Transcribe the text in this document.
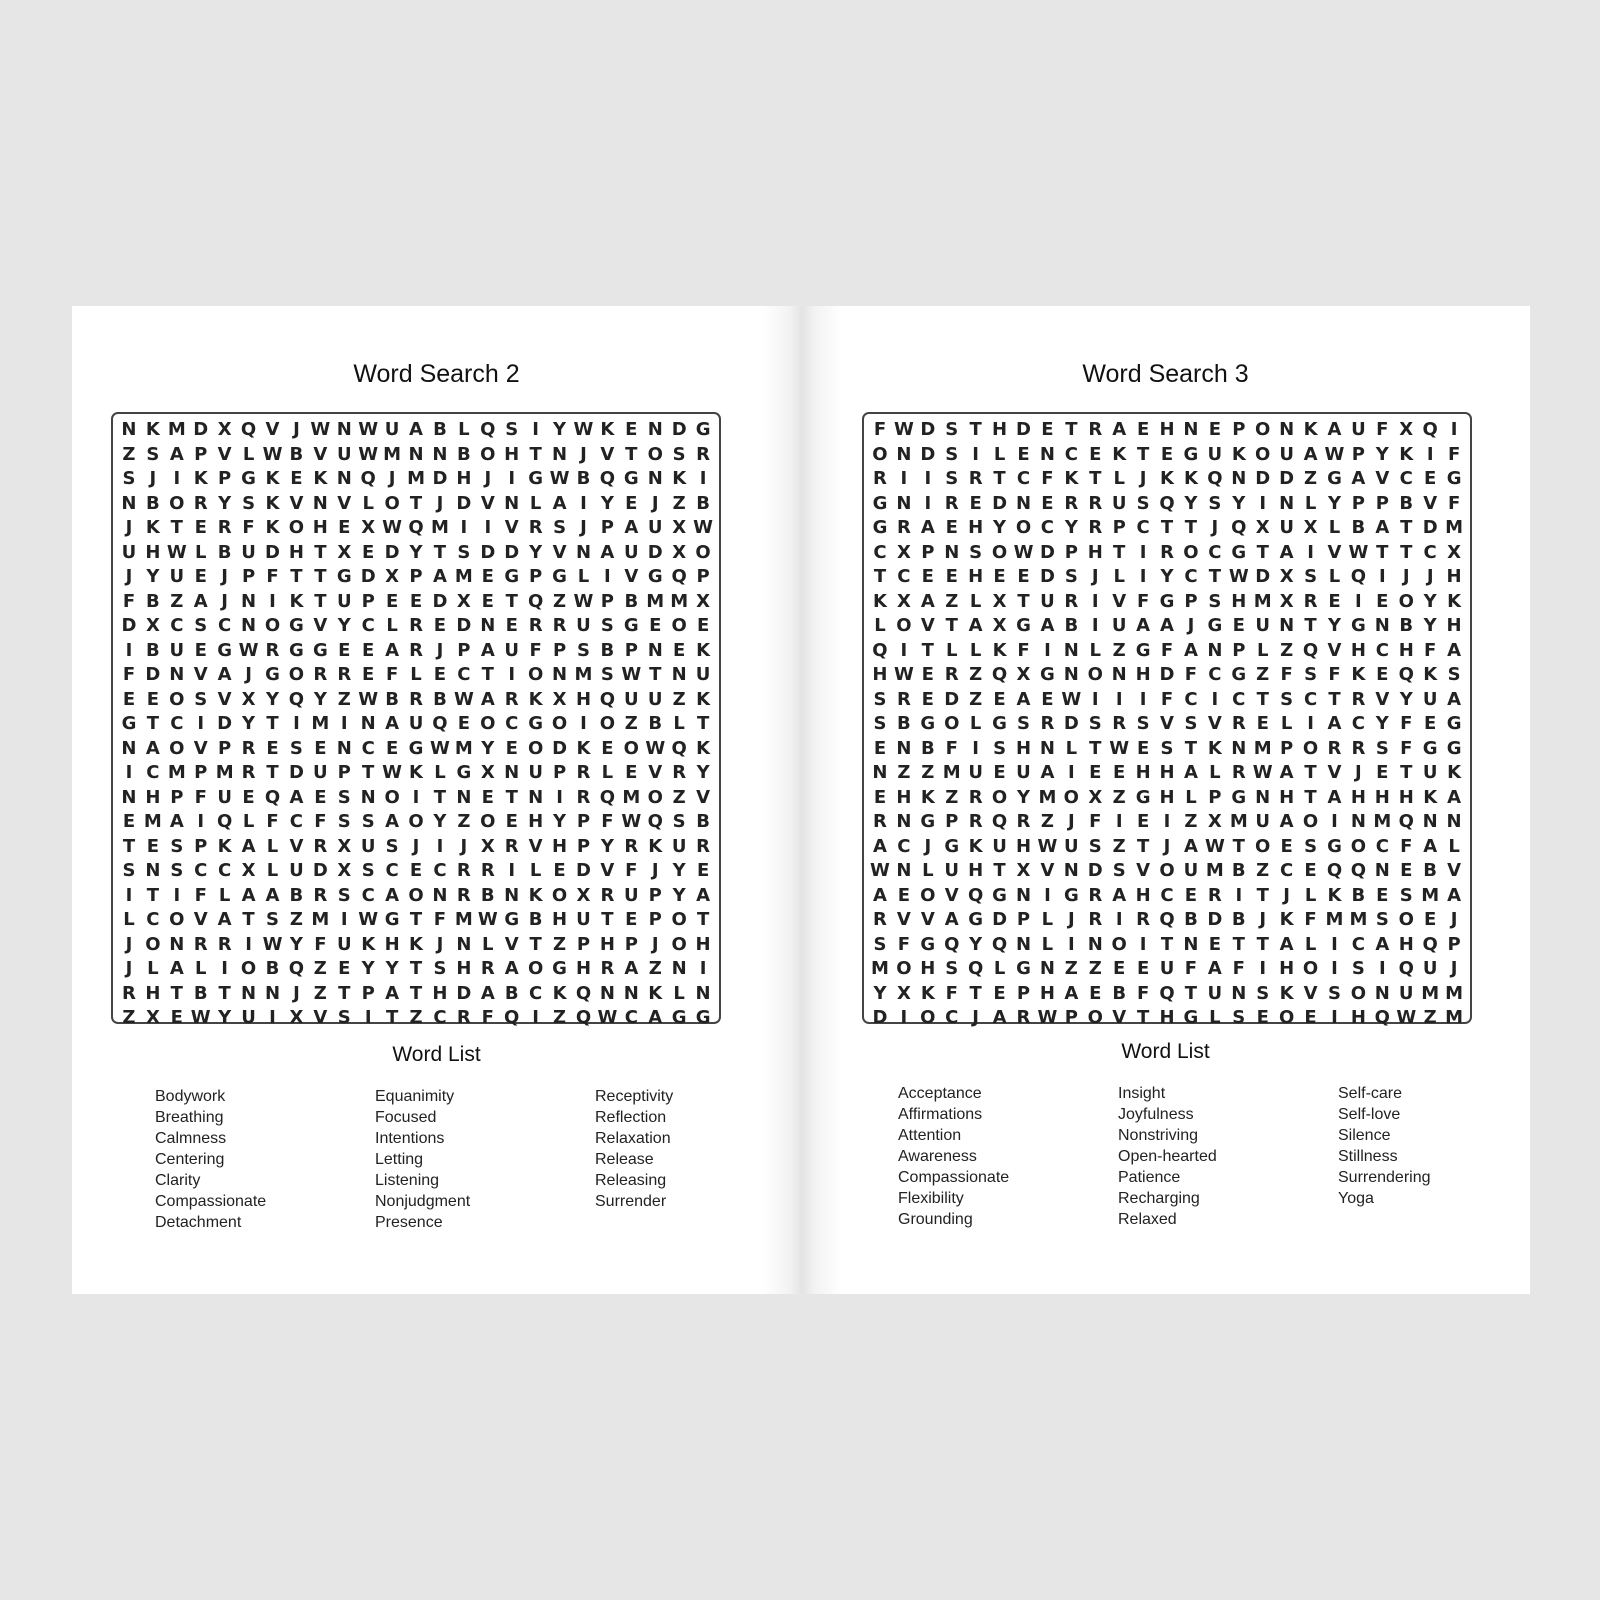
Word Search 2
N K M D X Q V J W N W U A B L Q S I Y W K E N D G
Z S A P V L W B V U W M N N B O H T N J V T O S R
S J I K P G K E K N Q J M D H J I G W B Q G N K I
N B O R Y S K V N V L O T J D V N L A I Y E J Z B
J K T E R F K O H E X W Q M I I V R S J P A U X W
U H W L B U D H T X E D Y T S D D Y V N A U D X O
J Y U E J P F T T G D X P A M E G P G L I V G Q P
F B Z A J N I K T U P E E D X E T Q Z W P B M M X
D X C S C N O G V Y C L R E D N E R R U S G E O E
I B U E G W R G G E E A R J P A U F P S B P N E K
F D N V A J G O R R E F L E C T I O N M S W T N U
E E O S V X Y Q Y Z W B R B W A R K X H Q U U Z K
G T C I D Y T I M I N A U Q E O C G O I O Z B L T
N A O V P R E S E N C E G W M Y E O D K E O W Q K
I C M P M R T D U P T W K L G X N U P R L E V R Y
N H P F U E Q A E S N O I T N E T N I R Q M O Z V
E M A I Q L F C F S S A O Y Z O E H Y P F W Q S B
T E S P K A L V R X U S J I J X R V H P Y R K U R
S N S C C X L U D X S C E C R R I L E D V F J Y E
I T I F L A A B R S C A O N R B N K O X R U P Y A
L C O V A T S Z M I W G T F M W G B H U T E P O T
J O N R R I W Y F U K H K J N L V T Z P H P J O H
J L A L I O B Q Z E Y Y T S H R A O G H R A Z N I
R H T B T N N J Z T P A T H D A B C K Q N N K L N
Z X E W Y U I X V S I T Z C R F Q I Z Q W C A G G
Word List
Bodywork
Breathing
Calmness
Centering
Clarity
Compassionate
Detachment
Equanimity
Focused
Intentions
Letting
Listening
Nonjudgment
Presence
Receptivity
Reflection
Relaxation
Release
Releasing
Surrender
Word Search 3
F W D S T H D E T R A E H N E P O N K A U F X Q I
O N D S I L E N C E K T E G U K O U A W P Y K I F
R I I S R T C F K T L J K K Q N D D Z G A V C E G
G N I R E D N E R R U S Q Y S Y I N L Y P P B V F
G R A E H Y O C Y R P C T T J Q X U X L B A T D M
C X P N S O W D P H T I R O C G T A I V W T T C X
T C E E H E E D S J L I Y C T W D X S L Q I J J H
K X A Z L X T U R I V F G P S H M X R E I E O Y K
L O V T A X G A B I U A A J G E U N T Y G N B Y H
Q I T L L K F I N L Z G F A N P L Z Q V H C H F A
H W E R Z Q X G N O N H D F C G Z F S F K E Q K S
S R E D Z E A E W I I I F C I C T S C T R V Y U A
S B G O L G S R D S R S V S V R E L I A C Y F E G
E N B F I S H N L T W E S T K N M P O R R S F G G
N Z Z M U E U A I E E H H A L R W A T V J E T U K
E H K Z R O Y M O X Z G H L P G N H T A H H H K A
R N G P R Q R Z J F I E I Z X M U A O I N M Q N N
A C J G K U H W U S Z T J A W T O E S G O C F A L
W N L U H T X V N D S V O U M B Z C E Q Q N E B V
A E O V Q G N I G R A H C E R I T J L K B E S M A
R V V A G D P L J R I R Q B D B J K F M M S O E J
S F G Q Y Q N L I N O I T N E T T A L I C A H Q P
M O H S Q L G N Z Z E E U F A F I H O I S I Q U J
Y X K F T E P H A E B F Q T U N S K V S O N U M M
D I O C J A R W P O V T H G L S E O E I H Q W Z M
Word List
Acceptance
Affirmations
Attention
Awareness
Compassionate
Flexibility
Grounding
Insight
Joyfulness
Nonstriving
Open-hearted
Patience
Recharging
Relaxed
Self-care
Self-love
Silence
Stillness
Surrendering
Yoga
